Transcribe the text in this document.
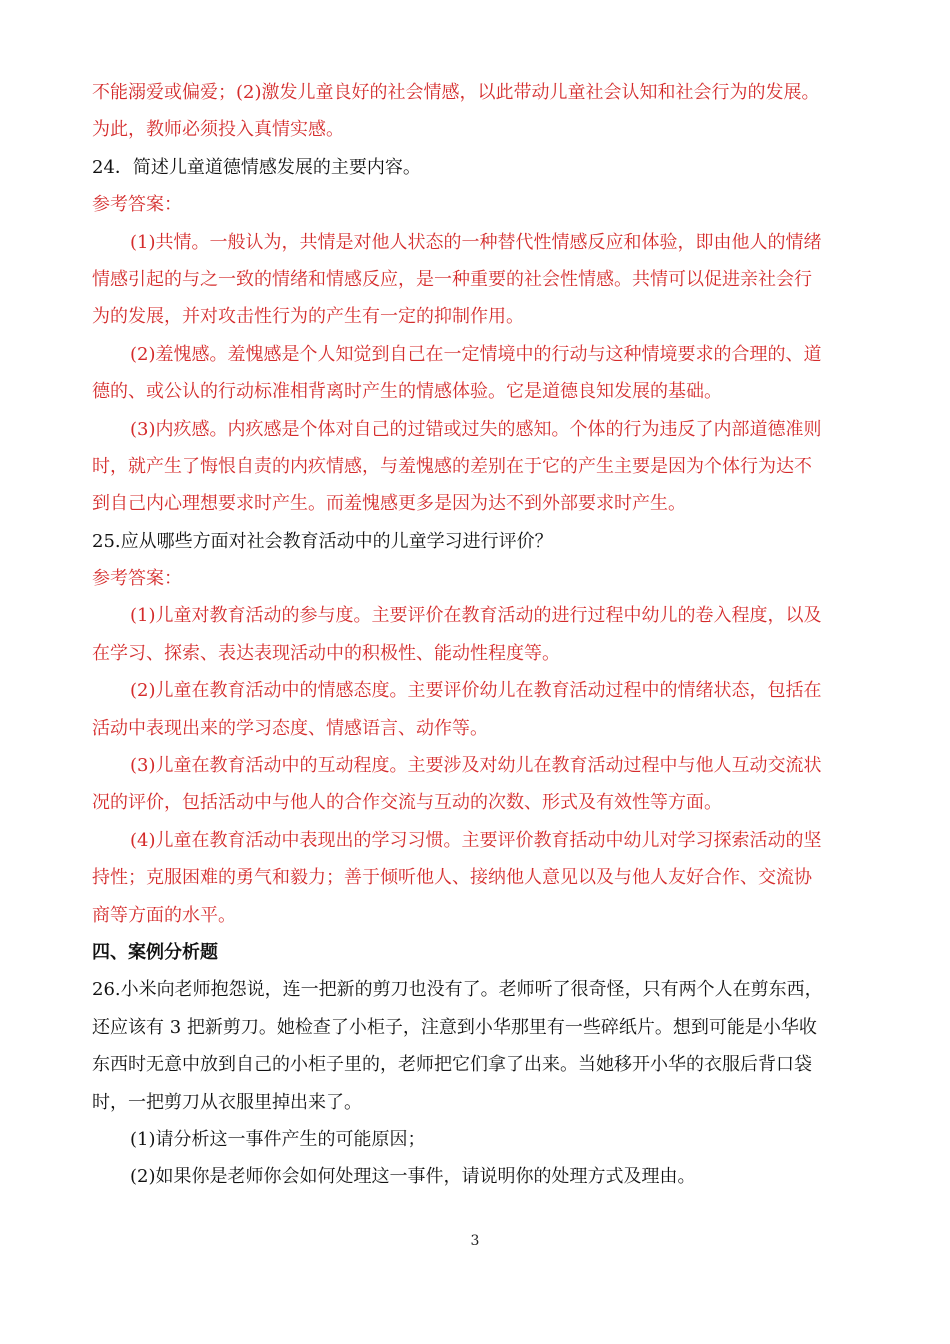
不能溺爱或偏爱；(2)激发儿童良好的社会情感，以此带动儿童社会认知和社会行为的发展。
为此，教师必须投入真情实感。
24．简述儿童道德情感发展的主要内容。
参考答案：
(1)共情。一般认为，共情是对他人状态的一种替代性情感反应和体验，即由他人的情绪
情感引起的与之一致的情绪和情感反应，是一种重要的社会性情感。共情可以促进亲社会行
为的发展，并对攻击性行为的产生有一定的抑制作用。
(2)羞愧感。羞愧感是个人知觉到自己在一定情境中的行动与这种情境要求的合理的、道
德的、或公认的行动标准相背离时产生的情感体验。它是道德良知发展的基础。
(3)内疚感。内疚感是个体对自己的过错或过失的感知。个体的行为违反了内部道德准则
时，就产生了悔恨自责的内疚情感，与羞愧感的差别在于它的产生主要是因为个体行为达不
到自己内心理想要求时产生。而羞愧感更多是因为达不到外部要求时产生。
25.应从哪些方面对社会教育活动中的儿童学习进行评价？
参考答案：
(1)儿童对教育活动的参与度。主要评价在教育活动的进行过程中幼儿的卷入程度，以及
在学习、探索、表达表现活动中的积极性、能动性程度等。
(2)儿童在教育活动中的情感态度。主要评价幼儿在教育活动过程中的情绪状态，包括在
活动中表现出来的学习态度、情感语言、动作等。
(3)儿童在教育活动中的互动程度。主要涉及对幼儿在教育活动过程中与他人互动交流状
况的评价，包括活动中与他人的合作交流与互动的次数、形式及有效性等方面。
(4)儿童在教育活动中表现出的学习习惯。主要评价教育括动中幼儿对学习探索活动的坚
持性；克服困难的勇气和毅力；善于倾听他人、接纳他人意见以及与他人友好合作、交流协
商等方面的水平。
四、案例分析题
26.小米向老师抱怨说，连一把新的剪刀也没有了。老师听了很奇怪，只有两个人在剪东西，
还应该有 3 把新剪刀。她检查了小柜子，注意到小华那里有一些碎纸片。想到可能是小华收
东西时无意中放到自己的小柜子里的，老师把它们拿了出来。当她移开小华的衣服后背口袋
时，一把剪刀从衣服里掉出来了。
(1)请分析这一事件产生的可能原因；
(2)如果你是老师你会如何处理这一事件，请说明你的处理方式及理由。
3
